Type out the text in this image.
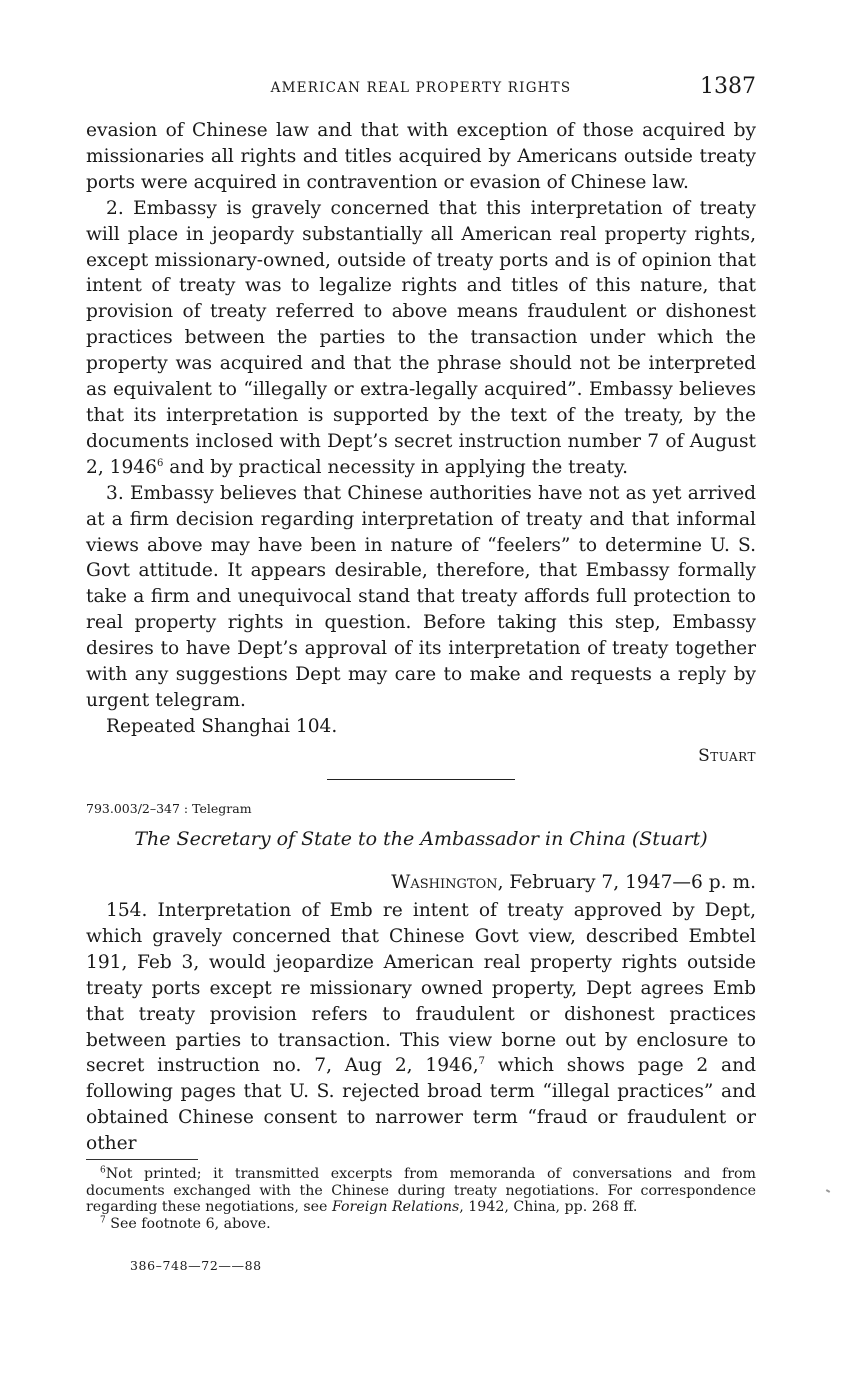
AMERICAN REAL PROPERTY RIGHTS	1387

evasion of Chinese law and that with exception of those acquired by missionaries all rights and titles acquired by Americans outside treaty ports were acquired in contravention or evasion of Chinese law.

2. Embassy is gravely concerned that this interpretation of treaty will place in jeopardy substantially all American real property rights, except missionary-owned, outside of treaty ports and is of opinion that intent of treaty was to legalize rights and titles of this nature, that provision of treaty referred to above means fraudulent or dishonest practices between the parties to the transaction under which the property was acquired and that the phrase should not be interpreted as equivalent to “illegally or extra-legally acquired”. Embassy believes that its interpretation is supported by the text of the treaty, by the documents inclosed with Dept’s secret instruction number 7 of August 2, 1946$^6$ and by practical necessity in applying the treaty.

3. Embassy believes that Chinese authorities have not as yet arrived at a firm decision regarding interpretation of treaty and that informal views above may have been in nature of “feelers” to determine U. S. Govt attitude. It appears desirable, therefore, that Embassy formally take a firm and unequivocal stand that treaty affords full protection to real property rights in question. Before taking this step, Embassy desires to have Dept’s approval of its interpretation of treaty together with any suggestions Dept may care to make and requests a reply by urgent telegram.

Repeated Shanghai 104.

Stuart
793.003/2–347 : Telegram
The Secretary of State to the Ambassador in China (Stuart)
Washington, February 7, 1947—6 p. m.

154. Interpretation of Emb re intent of treaty approved by Dept, which gravely concerned that Chinese Govt view, described Embtel 191, Feb 3, would jeopardize American real property rights outside treaty ports except re missionary owned property, Dept agrees Emb that treaty provision refers to fraudulent or dishonest practices between parties to transaction. This view borne out by enclosure to secret instruction no. 7, Aug 2, 1946,$^7$ which shows page 2 and following pages that U. S. rejected broad term “illegal practices” and obtained Chinese consent to narrower term “fraud or fraudulent or other

$^6$Not printed; it transmitted excerpts from memoranda of conversations and from documents exchanged with the Chinese during treaty negotiations. For correspondence regarding these negotiations, see Foreign Relations, 1942, China, pp. 268 ff.

$^7$ See footnote 6, above.

386–748—72——88
